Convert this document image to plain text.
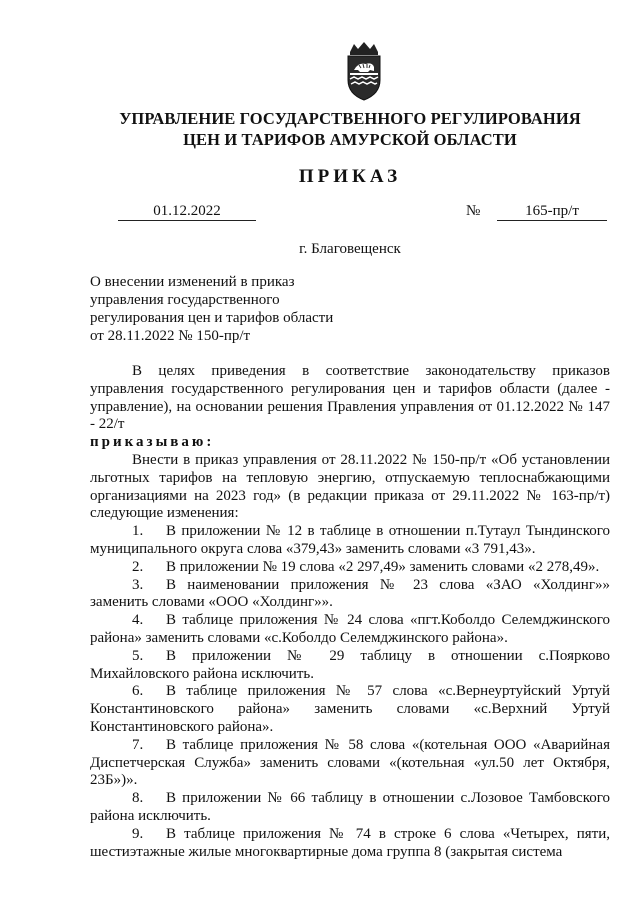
УПРАВЛЕНИЕ ГОСУДАРСТВЕННОГО РЕГУЛИРОВАНИЯ
ЦЕН И ТАРИФОВ АМУРСКОЙ ОБЛАСТИ
ПРИКАЗ
01.12.2022	№	165-пр/т
г. Благовещенск
О внесении изменений в приказ
управления государственного
регулирования цен и тарифов области
от 28.11.2022 № 150-пр/т

В целях приведения в соответствие законодательству приказов управления государственного регулирования цен и тарифов области (далее - управление), на основании решения Правления управления от 01.12.2022 № 147 - 22/т

приказываю:

Внести в приказ управления от 28.11.2022 № 150-пр/т «Об установлении льготных тарифов на тепловую энергию, отпускаемую теплоснабжающими организациями на 2023 год» (в редакции приказа от 29.11.2022 № 163-пр/т) следующие изменения:

1. В приложении № 12 в таблице в отношении п.Тутаул Тындинского муниципального округа слова «379,43» заменить словами «3 791,43».

2. В приложении № 19 слова «2 297,49» заменить словами «2 278,49».

3. В наименовании приложения № 23 слова «ЗАО «Холдинг»» заменить словами «ООО «Холдинг»».

4. В таблице приложения № 24 слова «пгт.Коболдо Селемджинского района» заменить словами «с.Коболдо Селемджинского района».

5. В приложении № 29 таблицу в отношении с.Поярково Михайловского района исключить.

6. В таблице приложения № 57 слова «с.Вернеуртуйский Уртуй Константиновского района» заменить словами «с.Верхний Уртуй Константиновского района».

7. В таблице приложения № 58 слова «(котельная ООО «Аварийная Диспетчерская Служба» заменить словами «(котельная «ул.50 лет Октября, 23Б»)».

8. В приложении № 66 таблицу в отношении с.Лозовое Тамбовского района исключить.

9. В таблице приложения № 74 в строке 6 слова «Четырех, пяти, шестиэтажные жилые многоквартирные дома группа 8 (закрытая система
